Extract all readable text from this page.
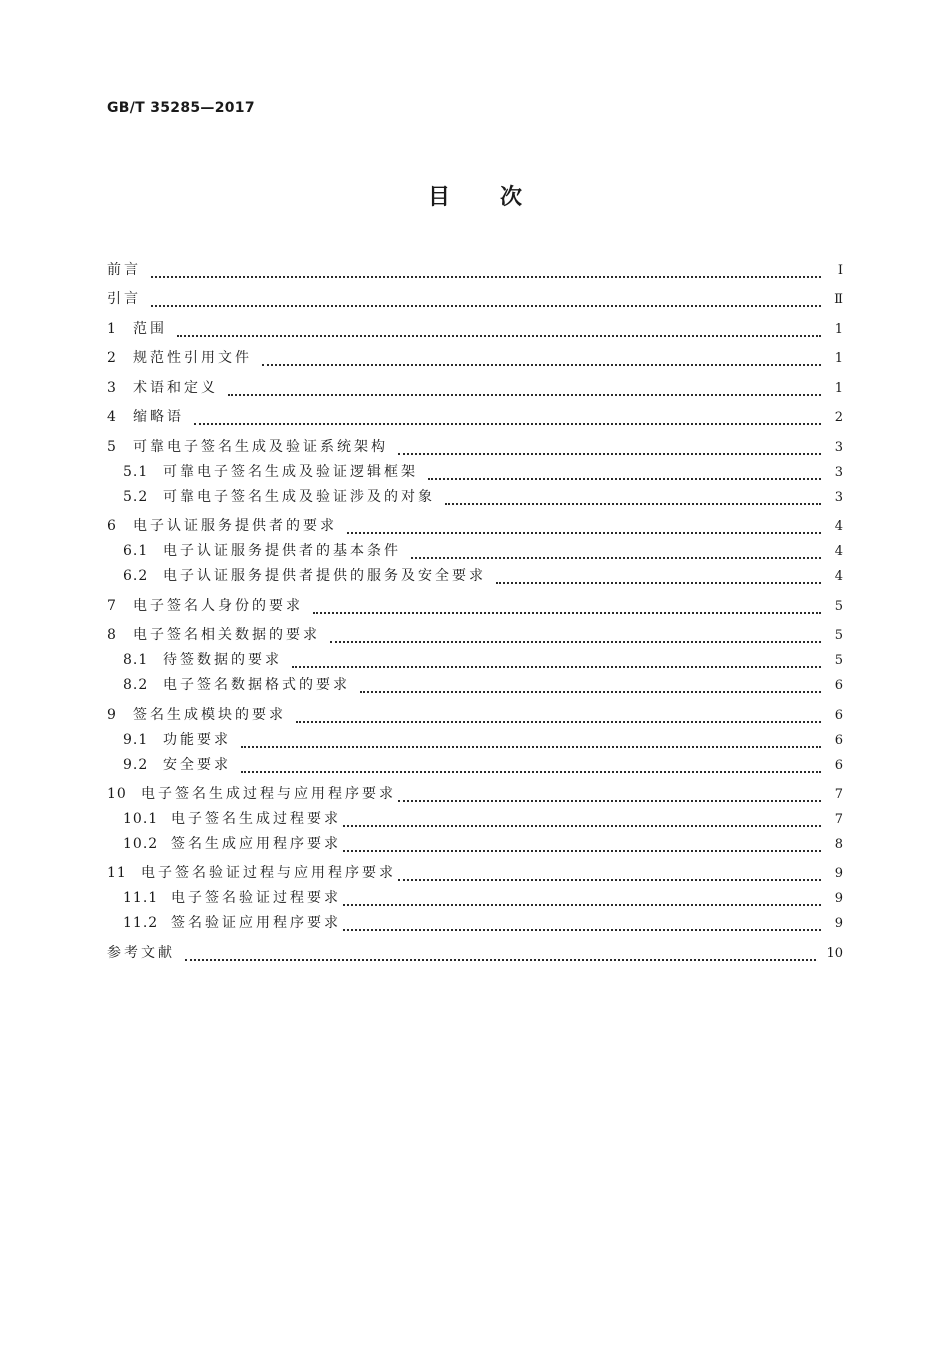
GB/T 35285—2017
目次
前言	Ⅰ
引言	Ⅱ
1	范围	1
2	规范性引用文件	1
3	术语和定义	1
4	缩略语	2
5	可靠电子签名生成及验证系统架构	3
5.1	可靠电子签名生成及验证逻辑框架	3
5.2	可靠电子签名生成及验证涉及的对象	3
6	电子认证服务提供者的要求	4
6.1	电子认证服务提供者的基本条件	4
6.2	电子认证服务提供者提供的服务及安全要求	4
7	电子签名人身份的要求	5
8	电子签名相关数据的要求	5
8.1	待签数据的要求	5
8.2	电子签名数据格式的要求	6
9	签名生成模块的要求	6
9.1	功能要求	6
9.2	安全要求	6
10	电子签名生成过程与应用程序要求	7
10.1 电子签名生成过程要求	7
10.2 签名生成应用程序要求	8
11	电子签名验证过程与应用程序要求	9
11.1 电子签名验证过程要求	9
11.2 签名验证应用程序要求	9
参考文献	10
